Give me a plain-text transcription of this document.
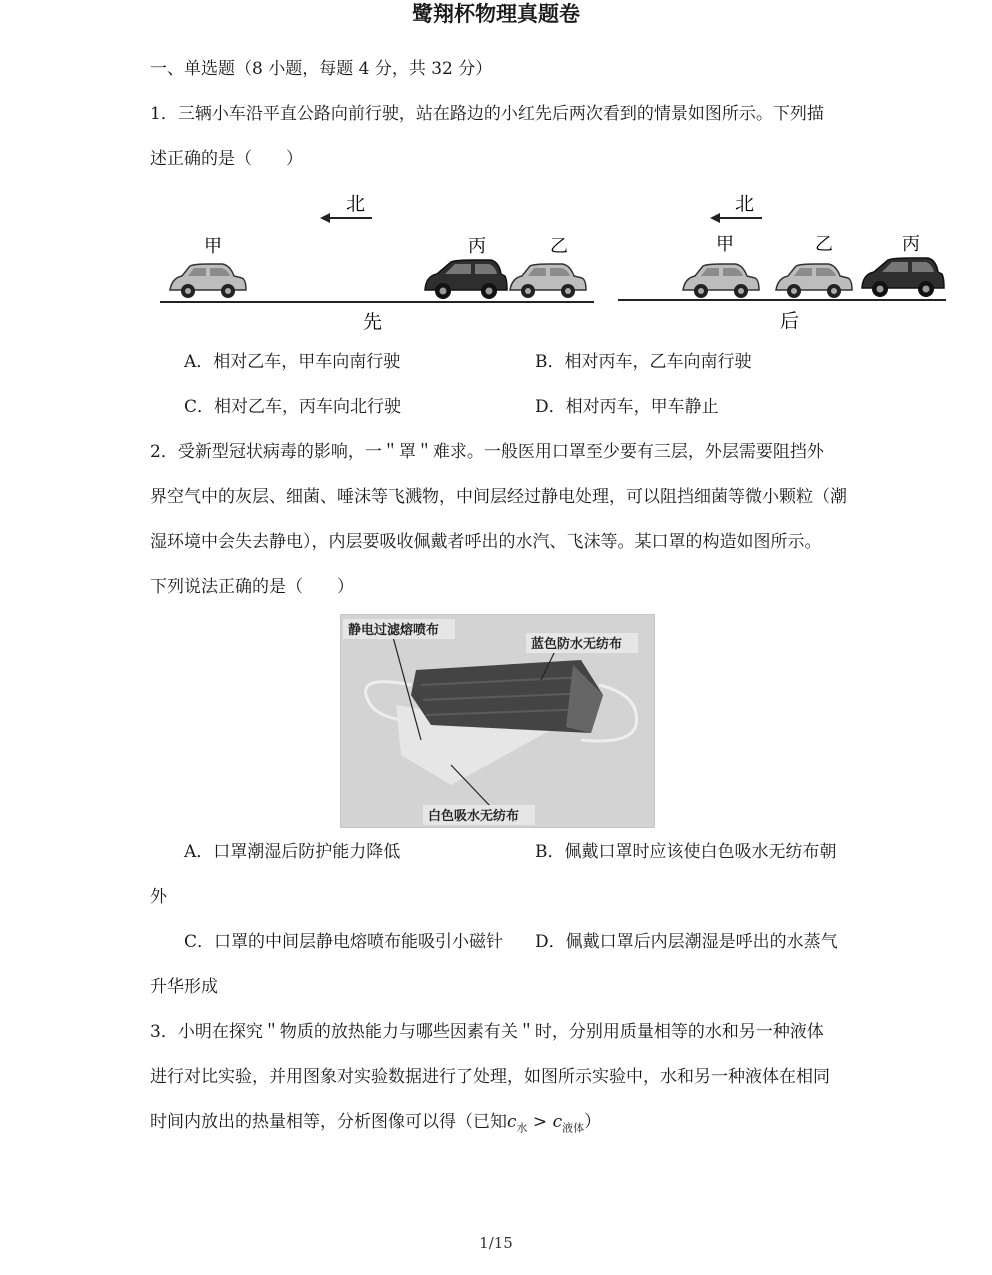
鹭翔杯物理真题卷
一、单选题（8 小题，每题 4 分，共 32 分）
1．三辆小车沿平直公路向前行驶，站在路边的小红先后两次看到的情景如图所示。下列描
述正确的是（　　）
北
甲	丙	乙
先
北
甲	乙	丙
后
A．相对乙车，甲车向南行驶	B．相对丙车，乙车向南行驶
C．相对乙车，丙车向北行驶	D．相对丙车，甲车静止
2．受新型冠状病毒的影响，一＂罩＂难求。一般医用口罩至少要有三层，外层需要阻挡外
界空气中的灰层、细菌、唾沫等飞溅物，中间层经过静电处理，可以阻挡细菌等微小颗粒（潮
湿环境中会失去静电），内层要吸收佩戴者呼出的水汽、飞沫等。某口罩的构造如图所示。
下列说法正确的是（　　）
静电过滤熔喷布
蓝色防水无纺布
白色吸水无纺布
A．口罩潮湿后防护能力降低	B．佩戴口罩时应该使白色吸水无纺布朝
外
C．口罩的中间层静电熔喷布能吸引小磁针 D．佩戴口罩后内层潮湿是呼出的水蒸气
升华形成
3．小明在探究＂物质的放热能力与哪些因素有关＂时，分别用质量相等的水和另一种液体
进行对比实验，并用图象对实验数据进行了处理，如图所示实验中，水和另一种液体在相同
时间内放出的热量相等，分析图像可以得（已知$c_水 > c_{液体}$）
1/15
